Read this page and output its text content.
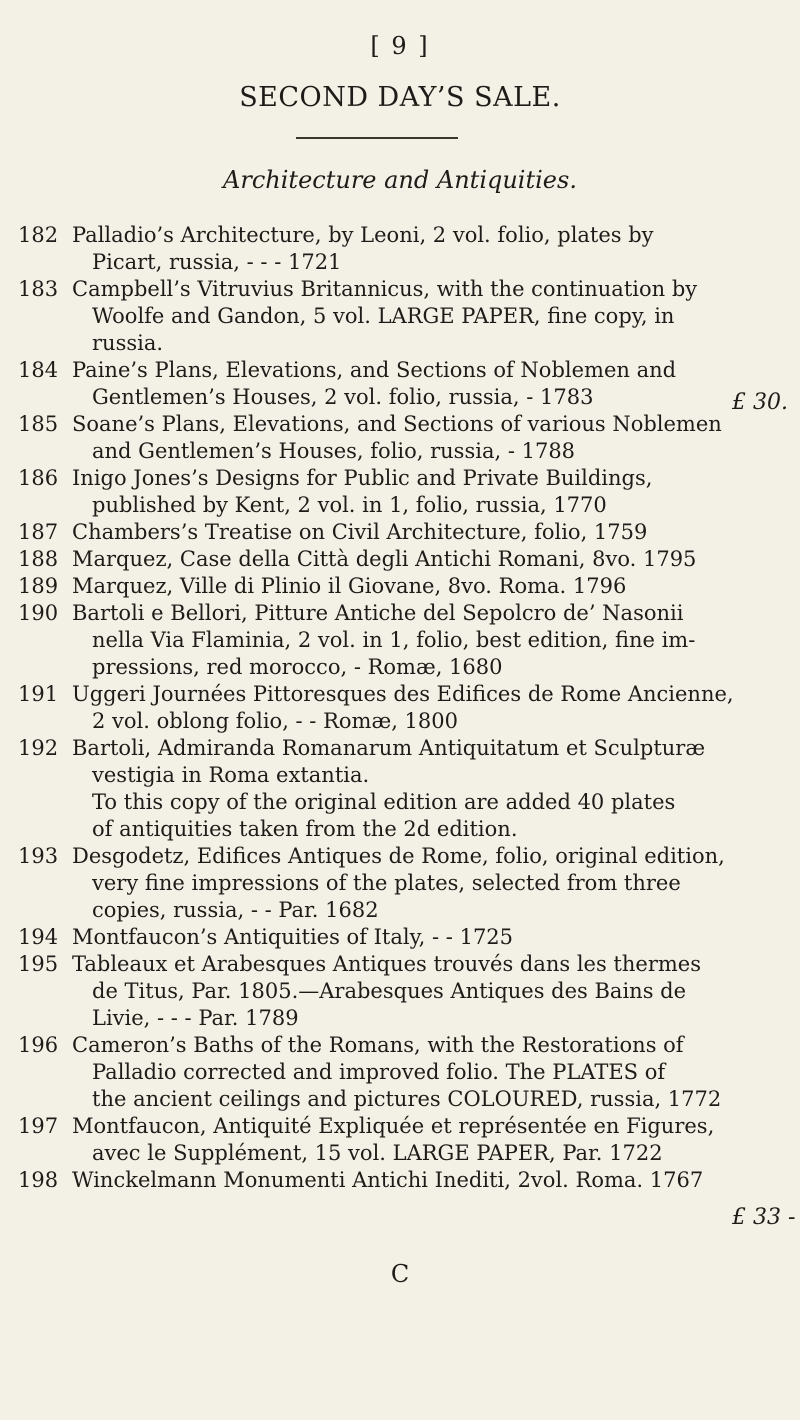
[ 9 ]
SECOND DAY’S SALE.
Architecture and Antiquities.
182 Palladio’s Architecture, by Leoni, 2 vol. folio, plates by
Picart, russia, - - - 1721
183 Campbell’s Vitruvius Britannicus, with the continuation by
Woolfe and Gandon, 5 vol. LARGE PAPER, fine copy, in
russia.
184 Paine’s Plans, Elevations, and Sections of Noblemen and
Gentlemen’s Houses, 2 vol. folio, russia, - 1783
185 Soane’s Plans, Elevations, and Sections of various Noblemen
and Gentlemen’s Houses, folio, russia, - 1788
186 Inigo Jones’s Designs for Public and Private Buildings,
published by Kent, 2 vol. in 1, folio, russia, 1770
187 Chambers’s Treatise on Civil Architecture, folio, 1759
188 Marquez, Case della Città degli Antichi Romani, 8vo. 1795
189 Marquez, Ville di Plinio il Giovane, 8vo. Roma. 1796
190 Bartoli e Bellori, Pitture Antiche del Sepolcro de’ Nasonii
nella Via Flaminia, 2 vol. in 1, folio, best edition, fine im-
pressions, red morocco, - Romæ, 1680
191 Uggeri Journées Pittoresques des Edifices de Rome Ancienne,
2 vol. oblong folio, - - Romæ, 1800
192 Bartoli, Admiranda Romanarum Antiquitatum et Sculpturæ
vestigia in Roma extantia.
To this copy of the original edition are added 40 plates
of antiquities taken from the 2d edition.
193 Desgodetz, Edifices Antiques de Rome, folio, original edition,
very fine impressions of the plates, selected from three
copies, russia, - - Par. 1682
194 Montfaucon’s Antiquities of Italy, - - 1725
195 Tableaux et Arabesques Antiques trouvés dans les thermes
de Titus, Par. 1805.—Arabesques Antiques des Bains de
Livie, - - - Par. 1789
196 Cameron’s Baths of the Romans, with the Restorations of
Palladio corrected and improved folio. The PLATES of
the ancient ceilings and pictures COLOURED, russia, 1772
197 Montfaucon, Antiquité Expliquée et représentée en Figures,
avec le Supplément, 15 vol. LARGE PAPER, Par. 1722
198 Winckelmann Monumenti Antichi Inediti, 2vol. Roma. 1767
£ 30.
£ 33 -
C
